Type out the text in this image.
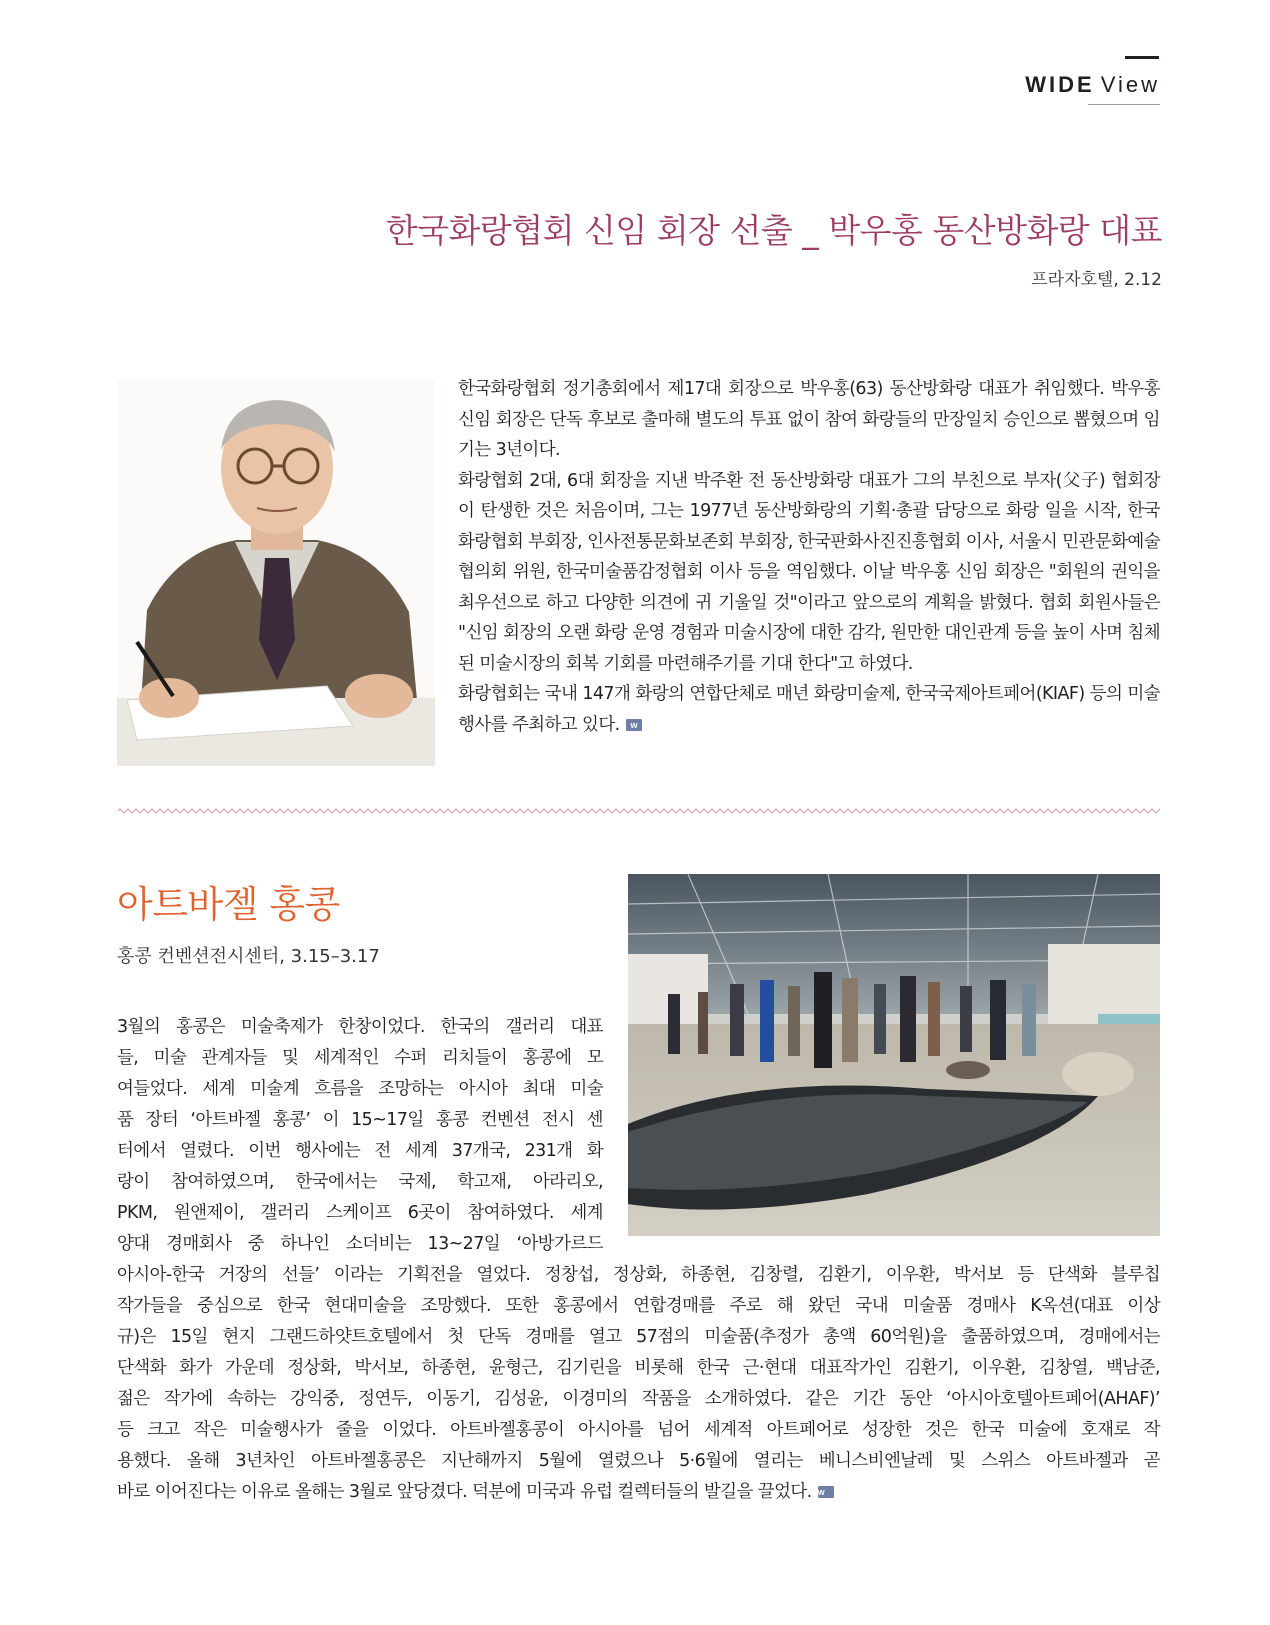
WIDE View
한국화랑협회 신임 회장 선출 _ 박우홍 동산방화랑 대표
프라자호텔, 2.12

한국화랑협회 정기총회에서 제17대 회장으로 박우홍(63) 동산방화랑 대표가 취임했다. 박우홍 신임 회장은 단독 후보로 출마해 별도의 투표 없이 참여 화랑들의 만장일치 승인으로 뽑혔으며 임기는 3년이다.

화랑협회 2대, 6대 회장을 지낸 박주환 전 동산방화랑 대표가 그의 부친으로 부자(父子) 협회장이 탄생한 것은 처음이며, 그는 1977년 동산방화랑의 기획·총괄 담당으로 화랑 일을 시작, 한국화랑협회 부회장, 인사전통문화보존회 부회장, 한국판화사진진흥협회 이사, 서울시 민관문화예술협의회 위원, 한국미술품감정협회 이사 등을 역임했다. 이날 박우홍 신임 회장은 "회원의 권익을 최우선으로 하고 다양한 의견에 귀 기울일 것"이라고 앞으로의 계획을 밝혔다. 협회 회원사들은 "신임 회장의 오랜 화랑 운영 경험과 미술시장에 대한 감각, 원만한 대인관계 등을 높이 사며 침체된 미술시장의 회복 기회를 마련해주기를 기대 한다"고 하였다.

화랑협회는 국내 147개 화랑의 연합단체로 매년 화랑미술제, 한국국제아트페어(KIAF) 등의 미술행사를 주최하고 있다. w

아트바젤 홍콩
홍콩 컨벤션전시센터, 3.15–3.17
3월의 홍콩은 미술축제가 한창이었다. 한국의 갤러리 대표
들, 미술 관계자들 및 세계적인 수퍼 리치들이 홍콩에 모
여들었다. 세계 미술계 흐름을 조망하는 아시아 최대 미술
품 장터 ‘아트바젤 홍콩’ 이 15~17일 홍콩 컨벤션 전시 센
터에서 열렸다. 이번 행사에는 전 세계 37개국, 231개 화
랑이 참여하였으며, 한국에서는 국제, 학고재, 아라리오,
PKM, 원앤제이, 갤러리 스케이프 6곳이 참여하였다. 세계
양대 경매회사 중 하나인 소더비는 13~27일 ‘아방가르드
아시아-한국 거장의 선들’ 이라는 기획전을 열었다. 정창섭, 정상화, 하종현, 김창렬, 김환기, 이우환, 박서보 등 단색화 블루칩
작가들을 중심으로 한국 현대미술을 조망했다. 또한 홍콩에서 연합경매를 주로 해 왔던 국내 미술품 경매사 K옥션(대표 이상
규)은 15일 현지 그랜드하얏트호텔에서 첫 단독 경매를 열고 57점의 미술품(추정가 총액 60억원)을 출품하였으며, 경매에서는
단색화 화가 가운데 정상화, 박서보, 하종현, 윤형근, 김기린을 비롯해 한국 근·현대 대표작가인 김환기, 이우환, 김창열, 백남준,
젊은 작가에 속하는 강익중, 정연두, 이동기, 김성윤, 이경미의 작품을 소개하였다. 같은 기간 동안 ‘아시아호텔아트페어(AHAF)’
등 크고 작은 미술행사가 줄을 이었다. 아트바젤홍콩이 아시아를 넘어 세계적 아트페어로 성장한 것은 한국 미술에 호재로 작
용했다. 올해 3년차인 아트바젤홍콩은 지난해까지 5월에 열렸으나 5·6월에 열리는 베니스비엔날레 및 스위스 아트바젤과 곧
바로 이어진다는 이유로 올해는 3월로 앞당겼다. 덕분에 미국과 유럽 컬렉터들의 발길을 끌었다. w
